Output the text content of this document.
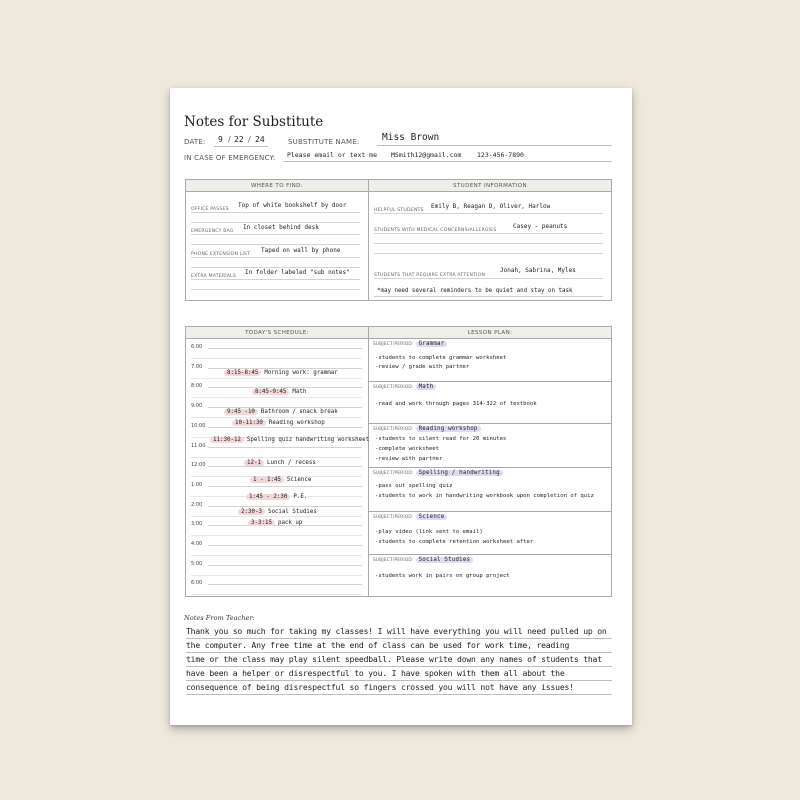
Notes for Substitute
DATE: 9 / 22 / 24	SUBSTITUTE NAME: Miss Brown
IN CASE OF EMERGENCY: Please email or text me MSmith12@gmail.com 123-456-7890
WHERE TO FIND:
OFFICE PASSES
Top of white bookshelf by door
EMERGENCY BAG
In closet behind desk
PHONE EXTENSION LIST
Taped on wall by phone
EXTRA MATERIALS
In folder labeled "sub notes"
STUDENT INFORMATION
HELPFUL STUDENTS
Emily B, Reagan D, Oliver, Harlow
STUDENTS WITH MEDICAL CONCERNS/ALLERGIES
Casey - peanuts
STUDENTS THAT REQUIRE EXTRA ATTENTION
Jonah, Sabrina, Myles
*may need several reminders to be quiet and stay on task
TODAY'S SCHEDULE:
6:00
7:00
8:00
9:00
10:00
11:00
12:00
1:00
2:00
3:00
4:00
5:00
6:00
8:15-8:45 Morning work: grammar
8:45-9:45 Math
9:45 -10 Bathroom / snack break
10-11:30 Reading workshop
11:30-12 Spelling quiz handwriting worksheet
12-1 Lunch / recess
1 - 1:45 Science
1:45 - 2:30 P.E.
2:30-3 Social Studies
3-3:15 pack up
LESSON PLAN:
SUBJECT/PERIOD: Grammar
-students to complete grammar worksheet
-review / grade with partner
SUBJECT/PERIOD: Math
-read and work through pages 314-322 of textbook
SUBJECT/PERIOD: Reading workshop
-students to silent read for 20 minutes
-complete worksheet
-review with partner
SUBJECT/PERIOD: Spelling / handwriting
-pass out spelling quiz
-students to work in handwriting workbook upon completion of quiz
SUBJECT/PERIOD: Science
-play video (link sent to email)
-students to complete retention worksheet after
SUBJECT/PERIOD: Social Studies
-students work in pairs on group project
Notes From Teacher:
Thank you so much for taking my classes! I will have everything you will need pulled up on
the computer. Any free time at the end of class can be used for work time, reading
time or the class may play silent speedball. Please write down any names of students that
have been a helper or disrespectful to you. I have spoken with them all about the
consequence of being disrespectful so fingers crossed you will not have any issues!
